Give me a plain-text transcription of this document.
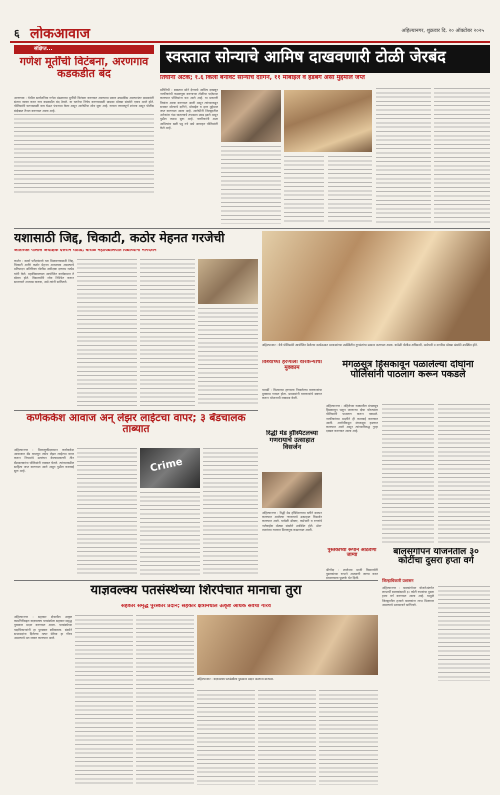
६ लोकआवाज	अहिल्यानगर, शुक्रवार दि. २० ऑक्टोबर २०२५
संक्षिप्त...
गणेश मूर्तींची विटंबना, अरणगाव कडकडीत बंद

अरणगाव : येथील सार्वजनिक गणेश मंडळाच्या मूर्तीची विटंबना करण्यात आल्याचा प्रकार उघडकीस आल्यानंतर ग्रामस्थांनी संताप व्यक्त करत गाव कडकडीत बंद ठेवले. या घटनेचा निषेध करण्यासाठी ग्रामस्थ मोठ्या संख्येने एकत्र आले होते. पोलिसांनी घटनास्थळी धाव घेऊन पंचनामा केला असून आरोपींचा शोध सुरू आहे. गावात तणावपूर्ण शांतता असून पोलीस बंदोबस्त तैनात करण्यात आला आहे.

स्वस्तात सोन्याचे आमिष दाखवणारी टोळी जेरबंद
तिघांना अटक; १.६ किलो बनावट सोन्याचे दागिने, ११ मोबाईल व हँडबॅग असा मुद्देमाल जप्त

प्रतिनिधी : स्वस्तात सोने देण्याचे आमिष दाखवून नागरिकांची फसवणूक करणाऱ्या टोळीचा पर्दाफाश करण्यात पोलिसांना यश आले आहे. या प्रकरणी तिघांना अटक करण्यात आली असून त्यांच्याकडून बनावट सोन्याचे दागिने, मोबाईल व इतर मुद्देमाल जप्त करण्यात आला आहे. आरोपींनी जिल्ह्यातील अनेकांना गंडा घातल्याचे तपासात उघड झाले असून पुढील तपास सुरू आहे. नागरिकांनी अशा आमिषांना बळी पडू नये असे आवाहन पोलिसांनी केले आहे.

यशासाठी जिद्द, चिकाटी, कठोर मेहनत गरजेची
अतिरिक्त पोलीस अधीक्षक दत्तराम राठोड; बोराळे महाविद्यालयात विद्यार्थ्यांना मार्गदर्शन

कर्जत : स्पर्धा परीक्षांमध्ये यश मिळवण्यासाठी जिद्द, चिकाटी आणि कठोर मेहनत आवश्यक असल्याचे प्रतिपादन अतिरिक्त पोलीस अधीक्षक दत्तराम राठोड यांनी केले. महाविद्यालयात आयोजित कार्यक्रमात ते बोलत होते. विद्यार्थ्यांनी ध्येय निश्चित करून सातत्याने अभ्यास करावा, असे त्यांनी सांगितले.

अहिल्यानगर : येथे पोलिसांनी आयोजित केलेल्या कार्यक्रमात मान्यवरांच्या उपस्थितीत गुणवंतांचा सत्कार करण्यात आला. यावेळी पोलीस अधिकारी, कर्मचारी व नागरिक मोठ्या संख्येने उपस्थित होते.
विश्वाच्या हरणाला वारकऱ्यांचा मुक्काम

पाथर्डी : विश्वाच्या हरणाला निघालेल्या वारकऱ्यांचा मुक्काम गावात होता. ग्रामस्थांनी वारकऱ्यांचे स्वागत करून भोजनाची व्यवस्था केली.

मंगळसूत्र हिसकावून पळालेल्या दोघांना पोलिसांनी पाठलाग करून पकडले

अहिल्यानगर : महिलेच्या गळ्यातील मंगळसूत्र हिसकावून पळून जाणाऱ्या दोघा चोरट्यांना पोलिसांनी पाठलाग करून पकडले. नागरिकांच्या मदतीने ही कारवाई करण्यात आली. आरोपींकडून मंगळसूत्र हस्तगत करण्यात आले असून त्यांच्याविरुद्ध गुन्हा दाखल करण्यात आला आहे.

कर्णकर्कश आवाज अन् लेझर लाईटचा वापर; ३ बँडचालक ताब्यात

अहिल्यानगर : मिरवणुकीदरम्यान कर्णकर्कश आवाजात बँड वाजवून तसेच लेझर लाईटचा वापर करून नियमांचे उल्लंघन केल्याप्रकरणी तीन बँडचालकांना पोलिसांनी ताब्यात घेतले. त्यांच्याकडील साहित्य जप्त करण्यात आले असून पुढील कारवाई सुरू आहे.	Crime
रिद्धी मेड हॉस्पिटलच्या गणरायाचे उत्साहात विसर्जन

अहिल्यानगर : रिद्धी मेड हॉस्पिटलच्या वतीने स्थापन करण्यात आलेल्या गणरायाचे उत्साहात विसर्जन करण्यात आले. यावेळी डॉक्टर, कर्मचारी व रुग्णांचे नातेवाईक मोठ्या संख्येने उपस्थित होते. ढोल-ताशांच्या गजरात मिरवणूक काढण्यात आली.

पुस्तकांच्या रूपाने आठवणी जाग्या

श्रीगोंदा : शाळेच्या माजी विद्यार्थ्यांनी पुस्तकांच्या रूपाने आठवणी जाग्या करत ग्रंथालयाला पुस्तके भेट दिली.

बालसंगोपन योजनेतील ३० कोटींचा दुसरा हप्ता वर्ग
जिल्हाधिकारी प्रशासन

अहिल्यानगर : बालसंगोपन योजनेअंतर्गत लाभार्थी बालकांसाठी ३० कोटी रुपयांचा दुसरा हप्ता वर्ग करण्यात आला आहे. यामुळे जिल्ह्यातील हजारो बालकांना लाभ मिळणार असल्याचे प्रशासनाने सांगितले.

याज्ञवल्क्य पतसंस्थेच्या शिरपेचात मानाचा तुरा
सहकार समृद्ध पुरस्कार प्रदान; सहकार क्षेत्रामधील उत्कृष्ट अधिक सेवेचा गौरव

अहिल्यानगर : सहकार क्षेत्रातील उत्कृष्ट कामगिरीबद्दल याज्ञवल्क्य पतसंस्थेला सहकार समृद्ध पुरस्कार प्रदान करण्यात आला. पतसंस्थेच्या पदाधिकाऱ्यांनी हा पुरस्कार स्वीकारला. संस्थेने सभासदांना दिलेल्या तत्पर सेवेचा हा गौरव असल्याचे मत व्यक्त करण्यात आले.

अहिल्यानगर : याज्ञवल्क्य पतसंस्थेला पुरस्कार प्रदान करताना मान्यवर.
